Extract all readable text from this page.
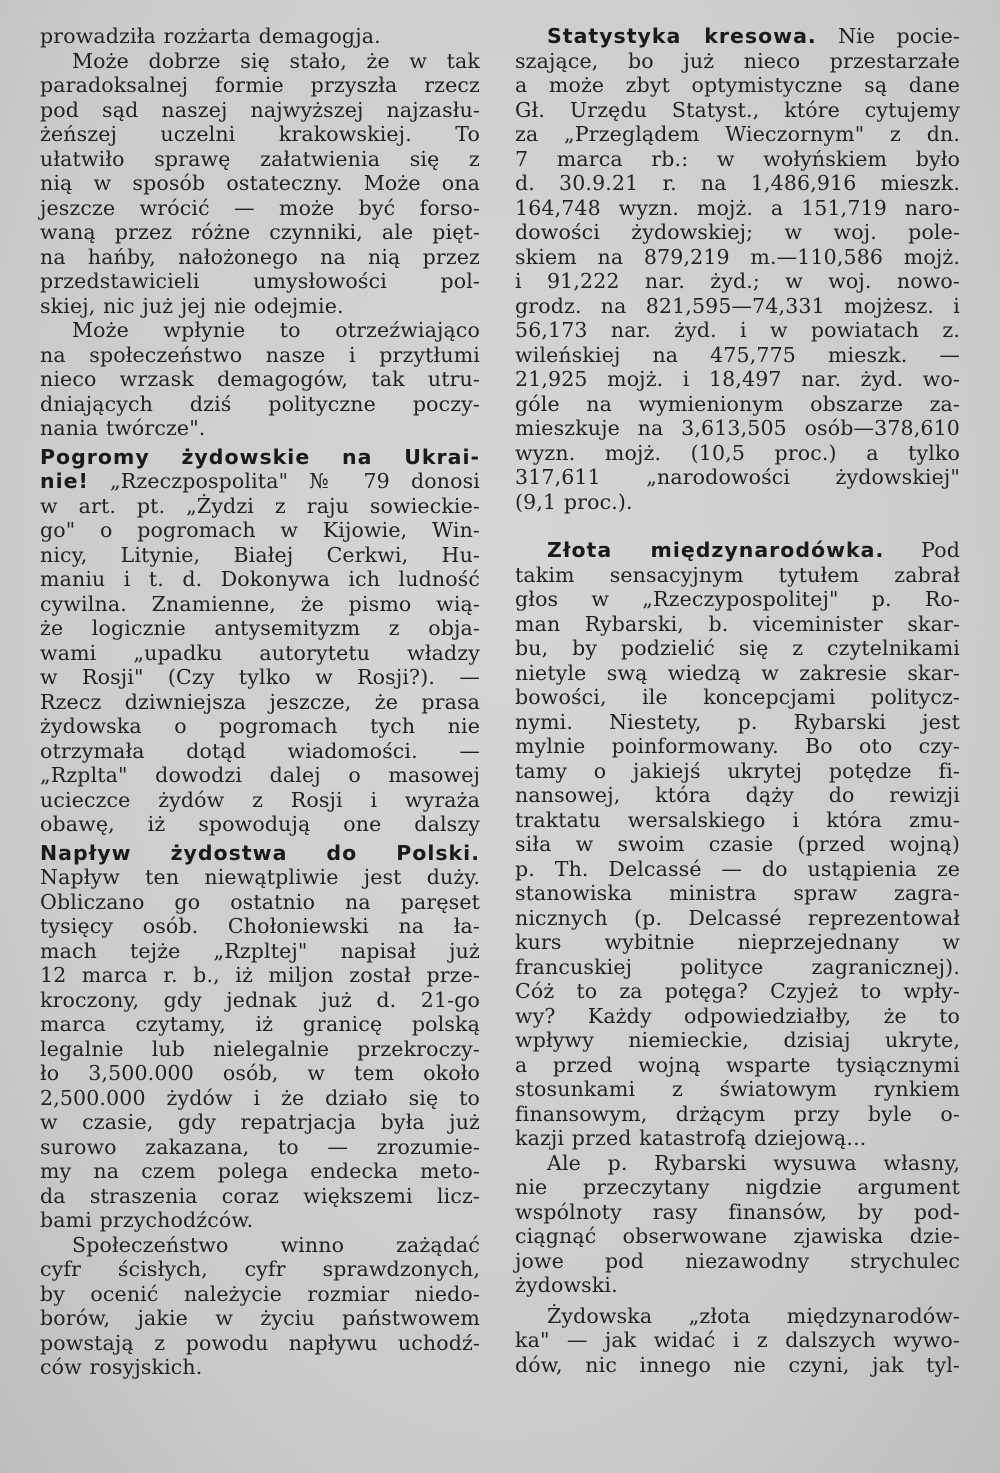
prowadziła rozżarta demagogja.
Może dobrze się stało, że w tak
paradoksalnej formie przyszła rzecz
pod sąd naszej najwyższej najzasłu-
żeńszej uczelni krakowskiej. To
ułatwiło sprawę załatwienia się z
nią w sposób ostateczny. Może ona
jeszcze wrócić — może być forso-
waną przez różne czynniki, ale pięt-
na hańby, nałożonego na nią przez
przedstawicieli umysłowości pol-
skiej, nic już jej nie odejmie.
Może wpłynie to otrzeźwiająco
na społeczeństwo nasze i przytłumi
nieco wrzask demagogów, tak utru-
dniających dziś polityczne poczy-
nania twórcze".
Pogromy żydowskie na Ukrai-
nie! „Rzeczpospolita" № 79 donosi
w art. pt. „Żydzi z raju sowieckie-
go" o pogromach w Kijowie, Win-
nicy, Litynie, Białej Cerkwi, Hu-
maniu i t. d. Dokonywa ich ludność
cywilna. Znamienne, że pismo wią-
że logicznie antysemityzm z obja-
wami „upadku autorytetu władzy
w Rosji" (Czy tylko w Rosji?). —
Rzecz dziwniejsza jeszcze, że prasa
żydowska o pogromach tych nie
otrzymała dotąd wiadomości. —
„Rzplta" dowodzi dalej o masowej
ucieczce żydów z Rosji i wyraża
obawę, iż spowodują one dalszy
Napływ żydostwa do Polski.
Napływ ten niewątpliwie jest duży.
Obliczano go ostatnio na paręset
tysięcy osób. Chołoniewski na ła-
mach tejże „Rzpltej" napisał już
12 marca r. b., iż miljon został prze-
kroczony, gdy jednak już d. 21-go
marca czytamy, iż granicę polską
legalnie lub nielegalnie przekroczy-
ło 3,500.000 osób, w tem około
2,500.000 żydów i że działo się to
w czasie, gdy repatrjacja była już
surowo zakazana, to — zrozumie-
my na czem polega endecka meto-
da straszenia coraz większemi licz-
bami przychodźców.
Społeczeństwo winno zażądać
cyfr ścisłych, cyfr sprawdzonych,
by ocenić należycie rozmiar niedo-
borów, jakie w życiu państwowem
powstają z powodu napływu uchodź-
ców rosyjskich.
Statystyka kresowa. Nie pocie-
szające, bo już nieco przestarzałe
a może zbyt optymistyczne są dane
Gł. Urzędu Statyst., które cytujemy
za „Przeglądem Wieczornym" z dn.
7 marca rb.: w wołyńskiem było
d. 30.9.21 r. na 1,486,916 mieszk.
164,748 wyzn. mojż. a 151,719 naro-
dowości żydowskiej; w woj. pole-
skiem na 879,219 m.—110,586 mojż.
i 91,222 nar. żyd.; w woj. nowo-
grodz. na 821,595—74,331 mojżesz. i
56,173 nar. żyd. i w powiatach z.
wileńskiej na 475,775 mieszk. —
21,925 mojż. i 18,497 nar. żyd. wo-
góle na wymienionym obszarze za-
mieszkuje na 3,613,505 osób—378,610
wyzn. mojż. (10,5 proc.) a tylko
317,611 „narodowości żydowskiej"
(9,1 proc.).
Złota międzynarodówka. Pod
takim sensacyjnym tytułem zabrał
głos w „Rzeczypospolitej" p. Ro-
man Rybarski, b. viceminister skar-
bu, by podzielić się z czytelnikami
nietyle swą wiedzą w zakresie skar-
bowości, ile koncepcjami politycz-
nymi. Niestety, p. Rybarski jest
mylnie poinformowany. Bo oto czy-
tamy o jakiejś ukrytej potędze fi-
nansowej, która dąży do rewizji
traktatu wersalskiego i która zmu-
siła w swoim czasie (przed wojną)
p. Th. Delcassé — do ustąpienia ze
stanowiska ministra spraw zagra-
nicznych (p. Delcassé reprezentował
kurs wybitnie nieprzejednany w
francuskiej polityce zagranicznej).
Cóż to za potęga? Czyjeż to wpły-
wy? Każdy odpowiedziałby, że to
wpływy niemieckie, dzisiaj ukryte,
a przed wojną wsparte tysiącznymi
stosunkami z światowym rynkiem
finansowym, drżącym przy byle o-
kazji przed katastrofą dziejową...
Ale p. Rybarski wysuwa własny,
nie przeczytany nigdzie argument
wspólnoty rasy finansów, by pod-
ciągnąć obserwowane zjawiska dzie-
jowe pod niezawodny strychulec
żydowski.
Żydowska „złota międzynarodów-
ka" — jak widać i z dalszych wywo-
dów, nic innego nie czyni, jak tyl-
